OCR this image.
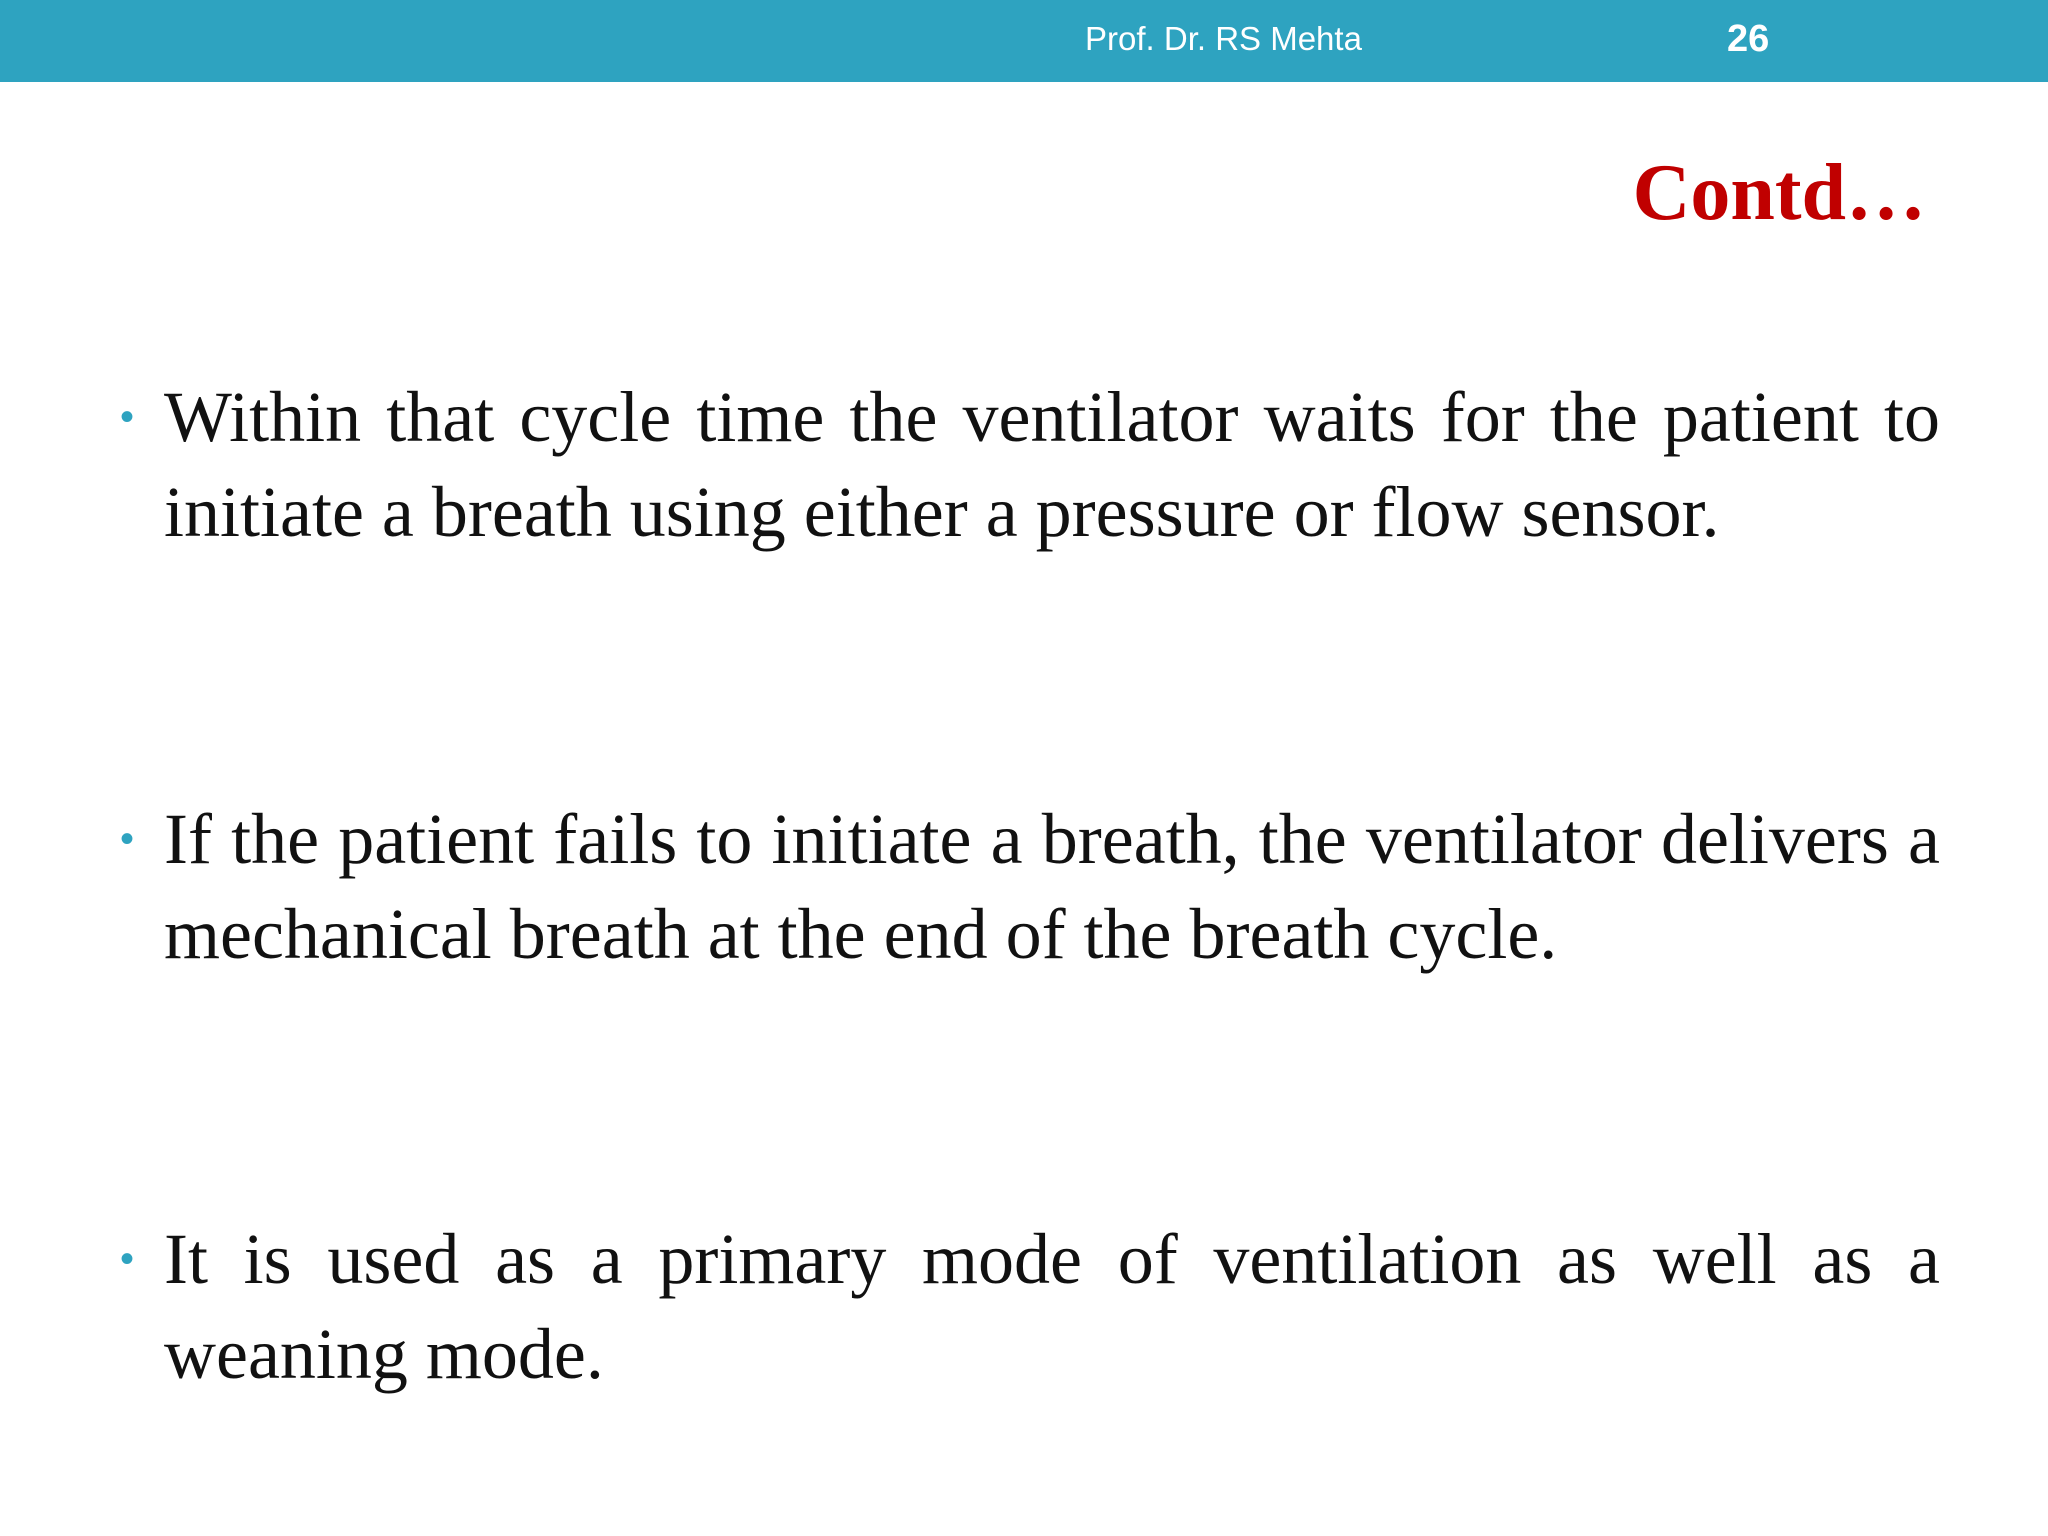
Prof. Dr. RS Mehta	26
Contd…
• Within that cycle time the ventilator waits for the patient to initiate a breath using either a pressure or flow sensor.
• If the patient fails to initiate a breath, the ventilator delivers a mechanical breath at the end of the breath cycle.
• It is used as a primary mode of ventilation as well as a weaning mode.
